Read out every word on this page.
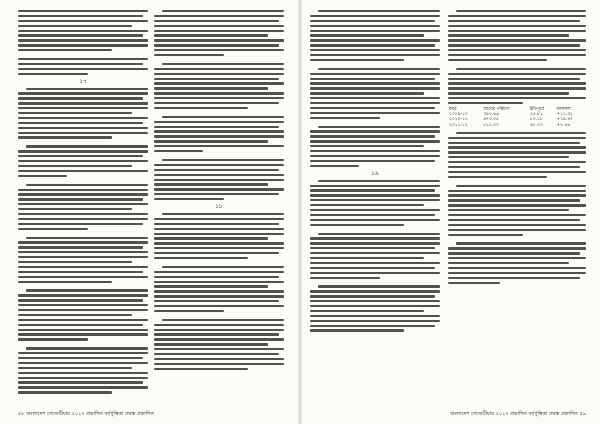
১৭
১৮
৫৮ বাংলাদেশ গেজেটিয়ার ২০১৭ প্রকাশিত বর্ষপুস্তিকা প্রবন্ধ প্রকাশিত
১৯
বছর	আয়ের পরিমাণ	ইতিপূর্বে	ফলাফল
২০০৯-১০	৩৯২.৬৬	২৫.৮১	+১২.৩২
২০১০-১১	৪৭৩.০৫	৮০.১৮	+১৯.৪৭
২০১১-১২	৫১১.০০	৪৮.৩৩	+৭.৪৬
বাংলাদেশ গেজেটিয়ার ২০১৭ প্রকাশিত বর্ষপুস্তিকা প্রবন্ধ প্রকাশিত ৫৯
